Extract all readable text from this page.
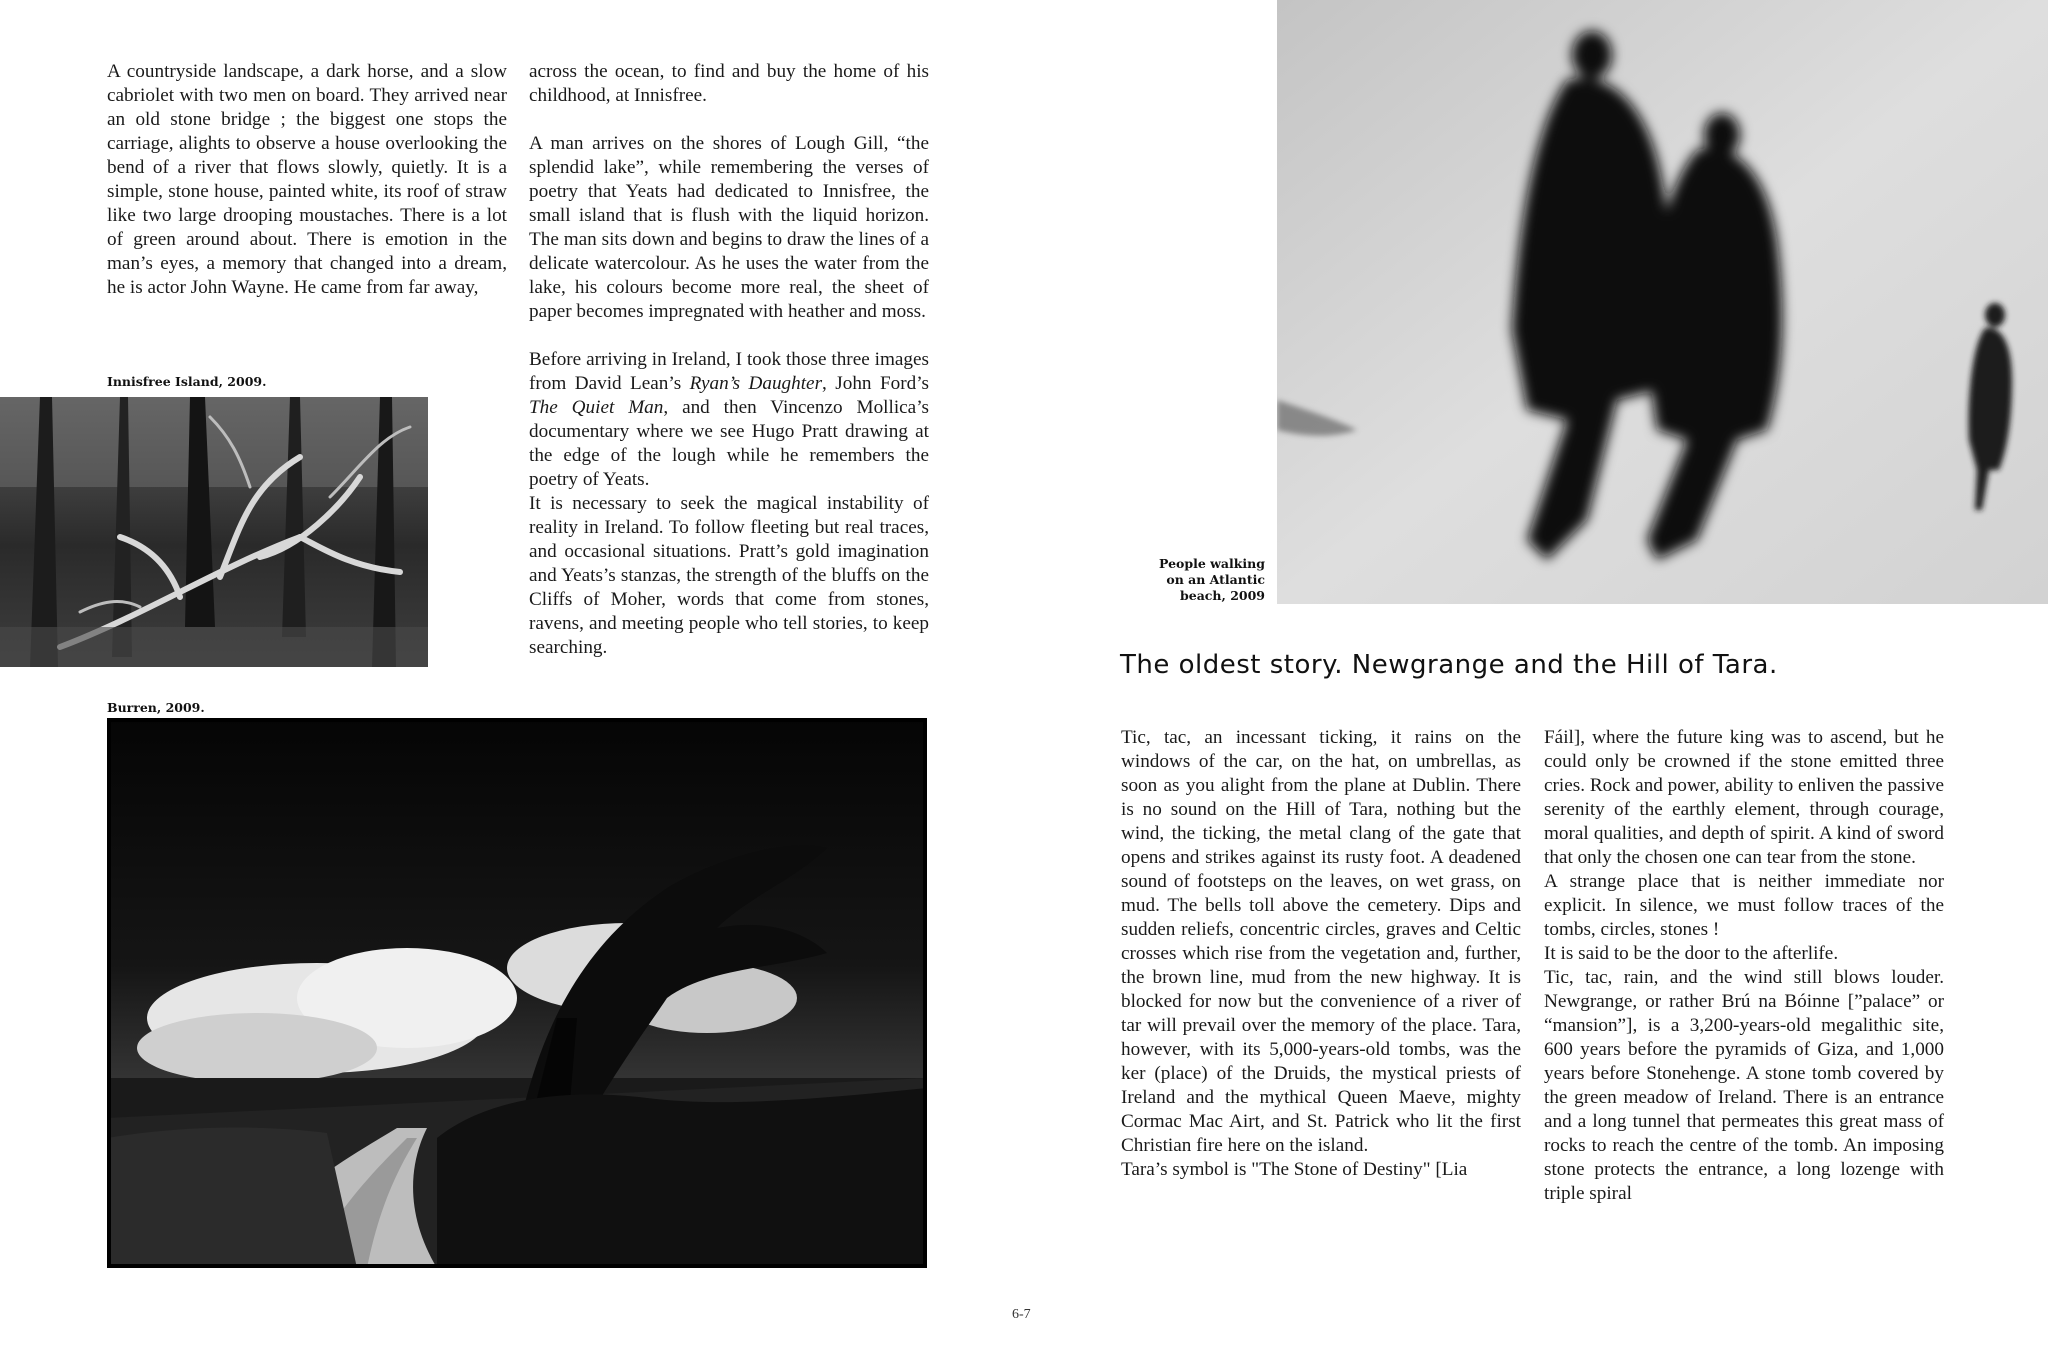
A countryside landscape, a dark horse, and a slow cabriolet with two men on board. They arrived near an old stone bridge ; the biggest one stops the carriage, alights to observe a house overlooking the bend of a river that flows slowly, quietly. It is a simple, stone house, painted white, its roof of straw like two large drooping moustaches. There is a lot of green around about. There is emotion in the man’s eyes, a memory that changed into a dream, he is actor John Wayne. He came from far away,

across the ocean, to find and buy the home of his childhood, at Innisfree.

A man arrives on the shores of Lough Gill, “the splendid lake”, while remembering the verses of poetry that Yeats had dedicated to Innisfree, the small island that is flush with the liquid horizon. The man sits down and begins to draw the lines of a delicate watercolour. As he uses the water from the lake, his colours become more real, the sheet of paper becomes impregnated with heather and moss.

Before arriving in Ireland, I took those three images from David Lean’s Ryan’s Daughter, John Ford’s The Quiet Man, and then Vincenzo Mollica’s documentary where we see Hugo Pratt drawing at the edge of the lough while he remembers the poetry of Yeats.

It is necessary to seek the magical instability of reality in Ireland. To follow fleeting but real traces, and occasional situations. Pratt’s gold imagination and Yeats’s stanzas, the strength of the bluffs on the Cliffs of Moher, words that come from stones, ravens, and meeting people who tell stories, to keep searching.

Innisfree Island, 2009.
Burren, 2009.
People walking
on an Atlantic
beach, 2009
The oldest story. Newgrange and the Hill of Tara.

Tic, tac, an incessant ticking, it rains on the windows of the car, on the hat, on umbrellas, as soon as you alight from the plane at Dublin. There is no sound on the Hill of Tara, nothing but the wind, the ticking, the metal clang of the gate that opens and strikes against its rusty foot. A deadened sound of footsteps on the leaves, on wet grass, on mud. The bells toll above the cemetery. Dips and sudden reliefs, concentric circles, graves and Celtic crosses which rise from the vegetation and, further, the brown line, mud from the new highway. It is blocked for now but the convenience of a river of tar will prevail over the memory of the place. Tara, however, with its 5,000-years-old tombs, was the ker (place) of the Druids, the mystical priests of Ireland and the mythical Queen Maeve, mighty Cormac Mac Airt, and St. Patrick who lit the first Christian fire here on the island.

Tara’s symbol is "The Stone of Destiny" [Lia

Fáil], where the future king was to ascend, but he could only be crowned if the stone emitted three cries. Rock and power, ability to enliven the passive serenity of the earthly element, through courage, moral qualities, and depth of spirit. A kind of sword that only the chosen one can tear from the stone.

A strange place that is neither immediate nor explicit. In silence, we must follow traces of the tombs, circles, stones !

It is said to be the door to the afterlife.

Tic, tac, rain, and the wind still blows louder. Newgrange, or rather Brú na Bóinne [”palace” or “mansion”], is a 3,200-years-old megalithic site, 600 years before the pyramids of Giza, and 1,000 years before Stonehenge. A stone tomb covered by the green meadow of Ireland. There is an entrance and a long tunnel that permeates this great mass of rocks to reach the centre of the tomb. An imposing stone protects the entrance, a long lozenge with triple spiral

6-7
